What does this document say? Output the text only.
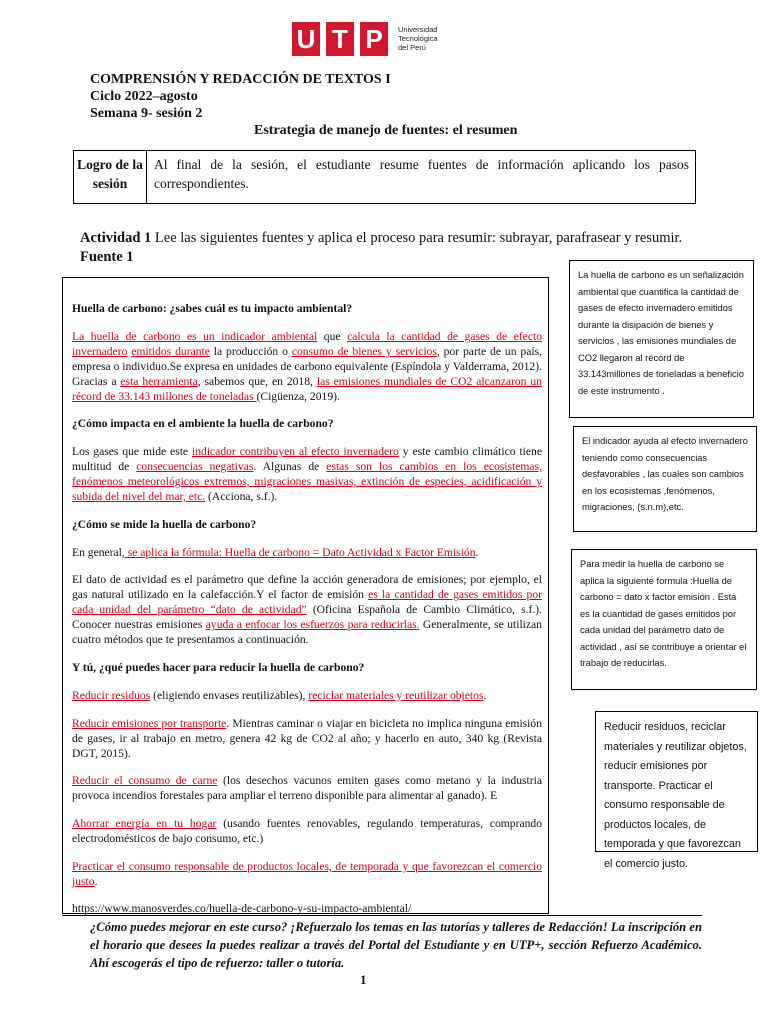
U T P	Universidad
Tecnológica
del Perú
COMPRENSIÓN Y REDACCIÓN DE TEXTOS I
Ciclo 2022–agosto
Semana 9- sesión 2
Estrategia de manejo de fuentes: el resumen
Logro de la sesión
Al final de la sesión, el estudiante resume fuentes de información aplicando los pasos correspondientes.
Actividad 1 Lee las siguientes fuentes y aplica el proceso para resumir: subrayar, parafrasear y resumir.
Fuente 1
Huella de carbono: ¿sabes cuál es tu impacto ambiental?
La huella de carbono es un indicador ambiental que calcula la cantidad de gases de efecto invernadero emitidos durante la producción o consumo de bienes y servicios, por parte de un país, empresa o individuo.Se expresa en unidades de carbono equivalente (Espíndola y Valderrama, 2012). Gracias a esta herramienta, sabemos que, en 2018, las emisiones mundiales de CO2 alcanzaron un récord de 33.143 millones de toneladas (Cigüenza, 2019).
¿Cómo impacta en el ambiente la huella de carbono?
Los gases que mide este indicador contribuyen al efecto invernadero y este cambio climático tiene multitud de consecuencias negativas. Algunas de estas son los cambios en los ecosistemas, fenómenos meteorológicos extremos, migraciones masivas, extinción de especies, acidificación y subida del nivel del mar, etc. (Acciona, s.f.).
¿Cómo se mide la huella de carbono?
En general, se aplica la fórmula: Huella de carbono = Dato Actividad x Factor Emisión.
El dato de actividad es el parámetro que define la acción generadora de emisiones; por ejemplo, el gas natural utilizado en la calefacción.Y el factor de emisión es la cantidad de gases emitidos por cada unidad del parámetro “dato de actividad” (Oficina Española de Cambio Climático, s.f.). Conocer nuestras emisiones ayuda a enfocar los esfuerzos para reducirlas. Generalmente, se utilizan cuatro métodos que te presentamos a continuación.
Y tú, ¿qué puedes hacer para reducir la huella de carbono?
Reducir residuos (eligiendo envases reutilizables), reciclar materiales y reutilizar objetos.
Reducir emisiones por transporte. Mientras caminar o viajar en bicicleta no implica ninguna emisión de gases, ir al trabajo en metro, genera 42 kg de CO2 al año; y hacerlo en auto, 340 kg (Revista DGT, 2015).
Reducir el consumo de carne (los desechos vacunos emiten gases como metano y la industria provoca incendios forestales para ampliar el terreno disponible para alimentar al ganado). E
Ahorrar energía en tu hogar (usando fuentes renovables, regulando temperaturas, comprando electrodomésticos de bajo consumo, etc.)
Practicar el consumo responsable de productos locales, de temporada y que favorezcan el comercio justo.
https://www.manosverdes.co/huella-de-carbono-y-su-impacto-ambiental/
La huella de carbono es un señalización ambiental que cuantifica la cantidad de gases de efecto invernadero emitidos durante la disipación de bienes y servicios , las emisiones mundiales de CO2 llegaron al récord de 33.143millones de toneladas a beneficio de este instrumento .
El indicador ayuda al efecto invernadero teniendo como consecuencias desfavorables , las cuales son cambios en los ecosistemas ,fenómenos, migraciones, (s.n.m),etc.
Para medir la huella de carbono se aplica la siguiente formula :Huella de carbono = dato x factor emisión . Esta es la cuantidad de gases emitidos por cada unidad del parámetro dato de actividad , así se contribuye a orientar el trabajo de reducirlas.
Reducir residuos, reciclar materiales y reutilizar objetos, reducir emisiones por transporte. Practicar el consumo responsable de productos locales, de temporada y que favorezcan el comercio justo.
¿Cómo puedes mejorar en este curso? ¡Refuerzalo los temas en las tutorías y talleres de Redacción! La inscripción en el horario que desees la puedes realizar a través del Portal del Estudiante y en UTP+, sección Refuerzo Académico. Ahí escogerás el tipo de refuerzo: taller o tutoría.
1
